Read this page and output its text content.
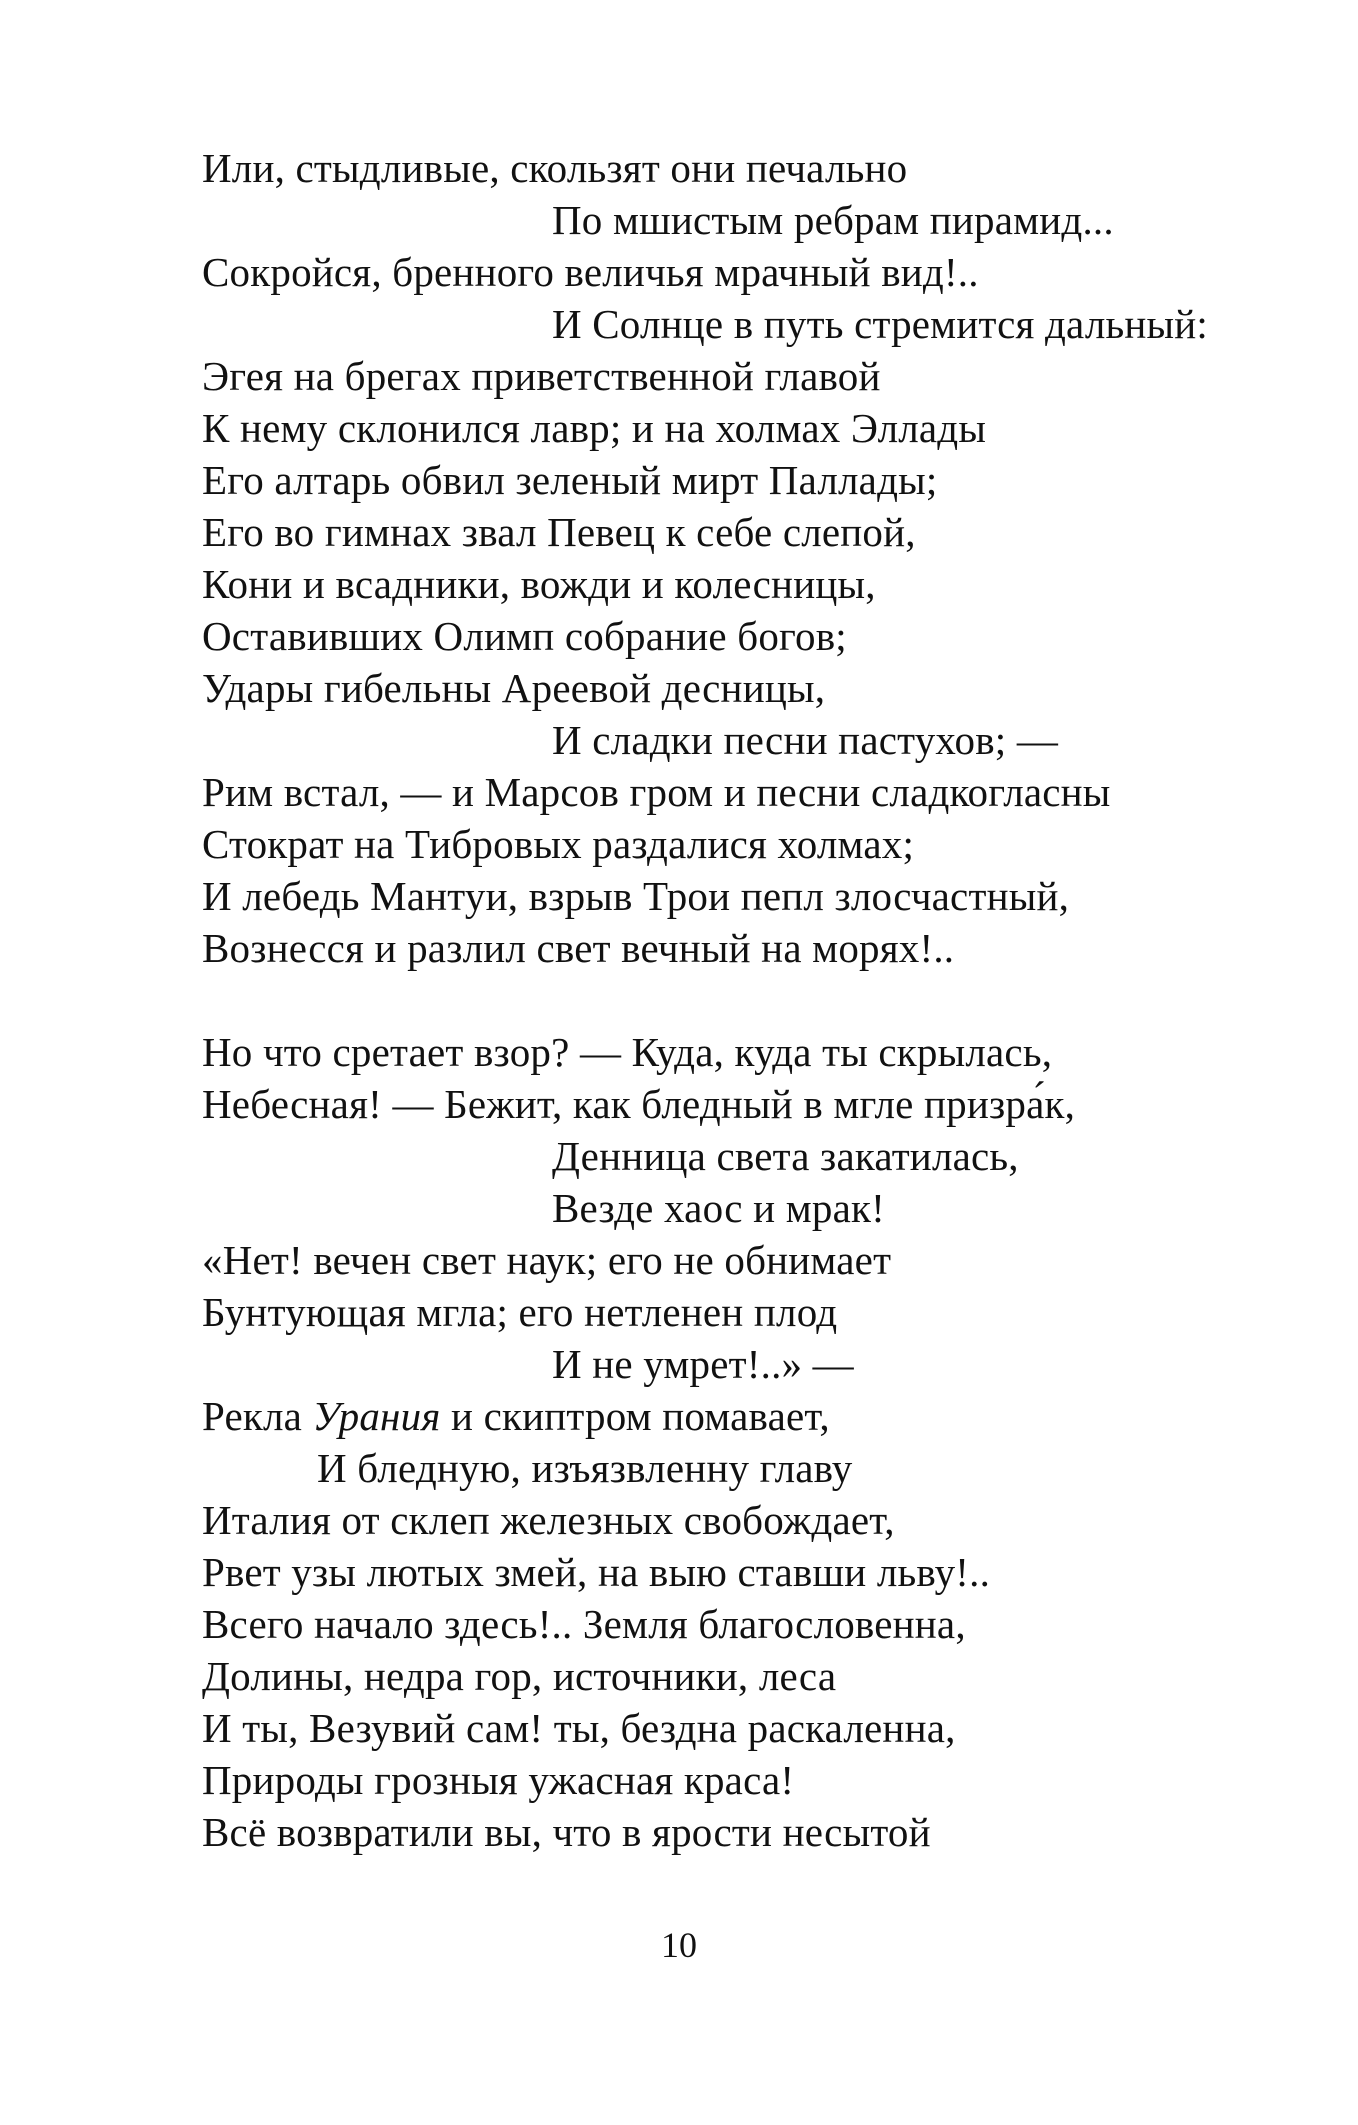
Или, стыдливые, скользят они печально
По мшистым ребрам пирамид...
Сокройся, бренного величья мрачный вид!..
И Солнце в путь стремится дальный:
Эгея на брегах приветственной главой
К нему склонился лавр; и на холмах Эллады
Его алтарь обвил зеленый мирт Паллады;
Его во гимнах звал Певец к себе слепой,
Кони и всадники, вожди и колесницы,
Оставивших Олимп собрание богов;
Удары гибельны Ареевой десницы,
И сладки песни пастухов; —
Рим встал, — и Марсов гром и песни сладкогласны
Стократ на Тибровых раздалися холмах;
И лебедь Мантуи, взрыв Трои пепл злосчастный,
Вознесся и разлил свет вечный на морях!..
Но что сретает взор? — Куда, куда ты скрылась,
Небесная! — Бежит, как бледный в мгле призра́к,
Денница света закатилась,
Везде хаос и мрак!
«Нет! вечен свет наук; его не обнимает
Бунтующая мгла; его нетленен плод
И не умрет!..» —
Рекла Урания и скиптром помавает,
И бледную, изъязвленну главу
Италия от склеп железных свобождает,
Рвет узы лютых змей, на выю ставши льву!..
Всего начало здесь!.. Земля благословенна,
Долины, недра гор, источники, леса
И ты, Везувий сам! ты, бездна раскаленна,
Природы грозныя ужасная краса!
Всё возвратили вы, что в ярости несытой
10
